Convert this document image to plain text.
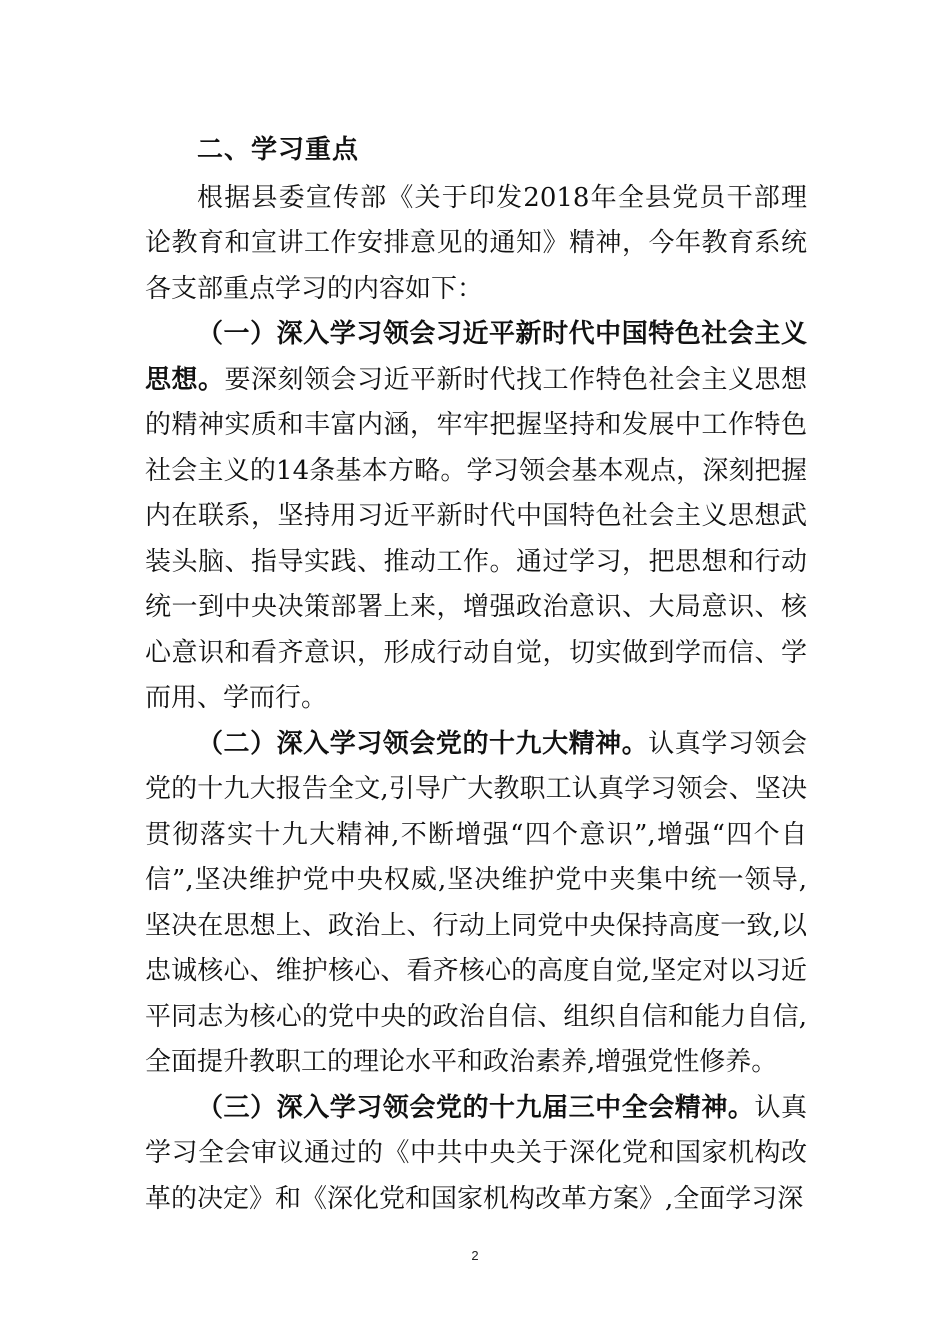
二、学习重点

根据县委宣传部《关于印发2018年全县党员干部理论教育和宣讲工作安排意见的通知》精神，今年教育系统各支部重点学习的内容如下：

（一）深入学习领会习近平新时代中国特色社会主义思想。要深刻领会习近平新时代找工作特色社会主义思想的精神实质和丰富内涵，牢牢把握坚持和发展中工作特色社会主义的14条基本方略。学习领会基本观点，深刻把握内在联系，坚持用习近平新时代中国特色社会主义思想武装头脑、指导实践、推动工作。通过学习，把思想和行动统一到中央决策部署上来，增强政治意识、大局意识、核心意识和看齐意识，形成行动自觉，切实做到学而信、学而用、学而行。

（二）深入学习领会党的十九大精神。认真学习领会党的十九大报告全文,引导广大教职工认真学习领会、坚决贯彻落实十九大精神,不断增强“四个意识”,增强“四个自信”,坚决维护党中央权威,坚决维护党中夹集中统一领导,坚决在思想上、政治上、行动上同党中央保持高度一致,以忠诚核心、维护核心、看齐核心的高度自觉,坚定对以习近平同志为核心的党中央的政治自信、组织自信和能力自信,全面提升教职工的理论水平和政治素养,增强党性修养。

（三）深入学习领会党的十九届三中全会精神。认真学习全会审议通过的《中共中央关于深化党和国家机构改革的决定》和《深化党和国家机构改革方案》,全面学习深

2
